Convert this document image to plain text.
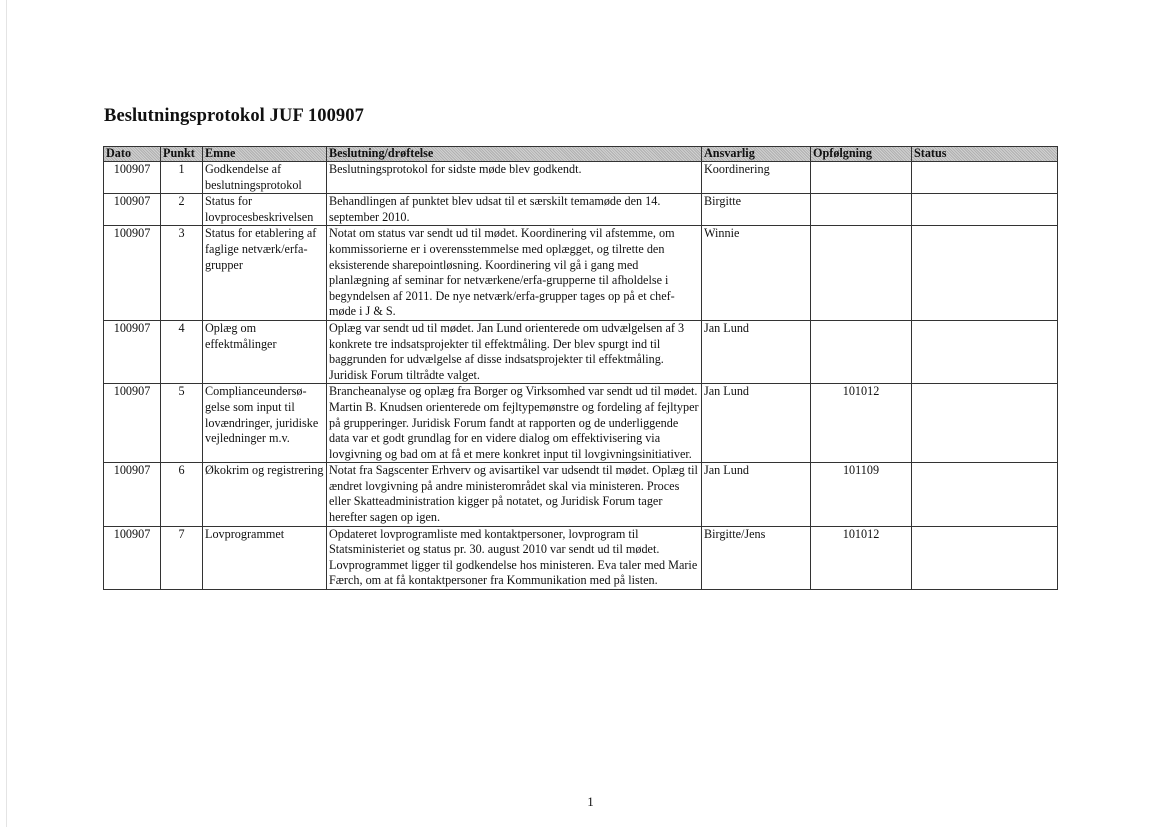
Beslutningsprotokol JUF 100907
Dato	Punkt	Emne	Beslutning/drøftelse	Ansvarlig	Opfølgning	Status
100907	1	Godkendelse af beslutningsprotokol	Beslutningsprotokol for sidste møde blev godkendt.	Koordinering		
100907	2	Status for lovprocesbeskrivelsen	Behandlingen af punktet blev udsat til et særskilt temamøde den 14. september 2010.	Birgitte		
100907	3	Status for etablering af faglige netværk/erfa-grupper	Notat om status var sendt ud til mødet. Koordinering vil afstemme, om kommissorierne er i overensstemmelse med oplægget, og tilrette den eksisterende sharepointløsning. Koordinering vil gå i gang med planlægning af seminar for netværkene/erfa-grupperne til afholdelse i begyndelsen af 2011. De nye netværk/erfa-grupper tages op på et chef-møde i J & S.	Winnie		
100907	4	Oplæg om effektmålinger	Oplæg var sendt ud til mødet. Jan Lund orienterede om udvælgelsen af 3 konkrete tre indsatsprojekter til effektmåling. Der blev spurgt ind til baggrunden for udvælgelse af disse indsatsprojekter til effektmåling. Juridisk Forum tiltrådte valget.	Jan Lund		
100907	5	Complianceundersø-gelse som input til lovændringer, juridiske vejledninger m.v.	Brancheanalyse og oplæg fra Borger og Virksomhed var sendt ud til mødet. Martin B. Knudsen orienterede om fejltypemønstre og fordeling af fejltyper på grupperinger. Juridisk Forum fandt at rapporten og de underliggende data var et godt grundlag for en videre dialog om effektivisering via lovgivning og bad om at få et mere konkret input til lovgivningsinitiativer.	Jan Lund	101012	
100907	6	Økokrim og registrering	Notat fra Sagscenter Erhverv og avisartikel var udsendt til mødet. Oplæg til ændret lovgivning på andre ministerområdet skal via ministeren. Proces eller Skatteadministration kigger på notatet, og Juridisk Forum tager herefter sagen op igen.	Jan Lund	101109	
100907	7	Lovprogrammet	Opdateret lovprogramliste med kontaktpersoner, lovprogram til Statsministeriet og status pr. 30. august 2010 var sendt ud til mødet. Lovprogrammet ligger til godkendelse hos ministeren. Eva taler med Marie Færch, om at få kontaktpersoner fra Kommunikation med på listen.	Birgitte/Jens	101012	
1
